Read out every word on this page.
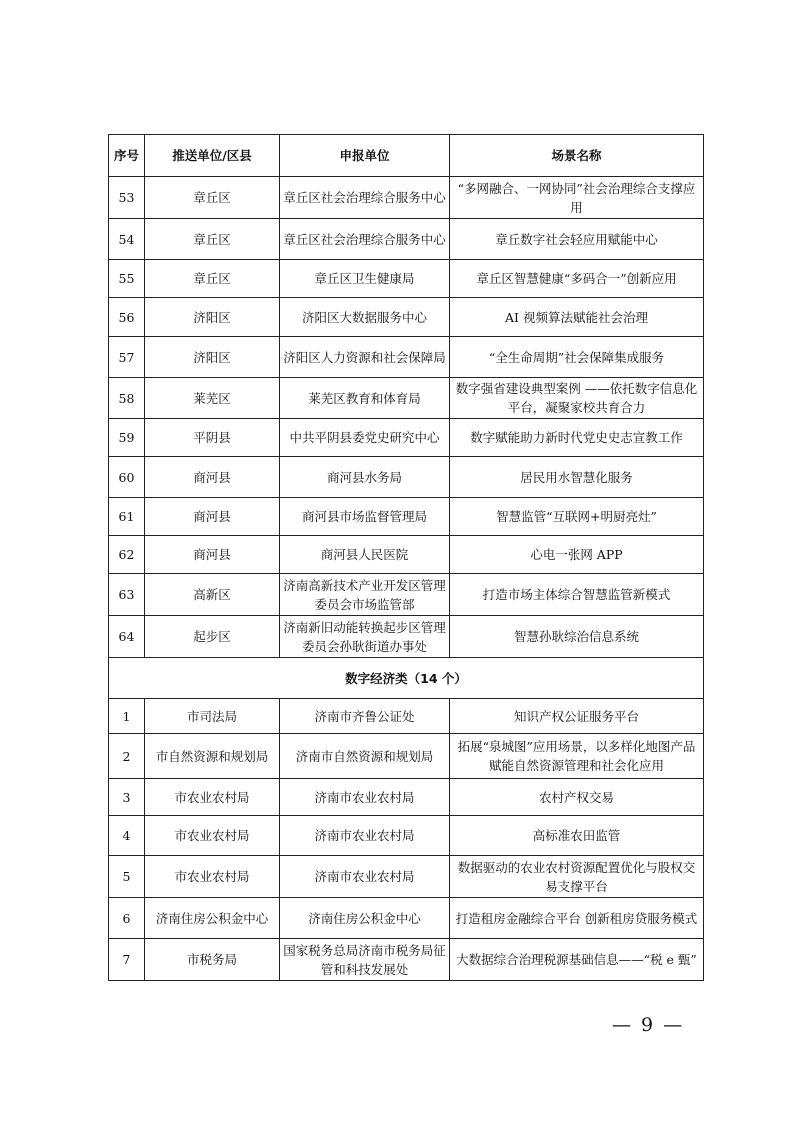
序号	推送单位/区县	申报单位	场景名称
53	章丘区	章丘区社会治理综合服务中心	“多网融合、一网协同”社会治理综合支撑应用
54	章丘区	章丘区社会治理综合服务中心	章丘数字社会轻应用赋能中心
55	章丘区	章丘区卫生健康局	章丘区智慧健康“多码合一”创新应用
56	济阳区	济阳区大数据服务中心	AI 视频算法赋能社会治理
57	济阳区	济阳区人力资源和社会保障局	“全生命周期”社会保障集成服务
58	莱芜区	莱芜区教育和体育局	数字强省建设典型案例 ——依托数字信息化平台，凝聚家校共育合力
59	平阴县	中共平阴县委党史研究中心	数字赋能助力新时代党史史志宣教工作
60	商河县	商河县水务局	居民用水智慧化服务
61	商河县	商河县市场监督管理局	智慧监管“互联网+明厨亮灶”
62	商河县	商河县人民医院	心电一张网 APP
63	高新区	济南高新技术产业开发区管理委员会市场监管部	打造市场主体综合智慧监管新模式
64	起步区	济南新旧动能转换起步区管理委员会孙耿街道办事处	智慧孙耿综治信息系统
数字经济类（14 个）			
1	市司法局	济南市齐鲁公证处	知识产权公证服务平台
2	市自然资源和规划局	济南市自然资源和规划局	拓展“泉城图”应用场景，以多样化地图产品赋能自然资源管理和社会化应用
3	市农业农村局	济南市农业农村局	农村产权交易
4	市农业农村局	济南市农业农村局	高标准农田监管
5	市农业农村局	济南市农业农村局	数据驱动的农业农村资源配置优化与股权交易支撑平台
6	济南住房公积金中心	济南住房公积金中心	打造租房金融综合平台 创新租房贷服务模式
7	市税务局	国家税务总局济南市税务局征管和科技发展处	大数据综合治理税源基础信息——“税 e 甄”
— 9 —
